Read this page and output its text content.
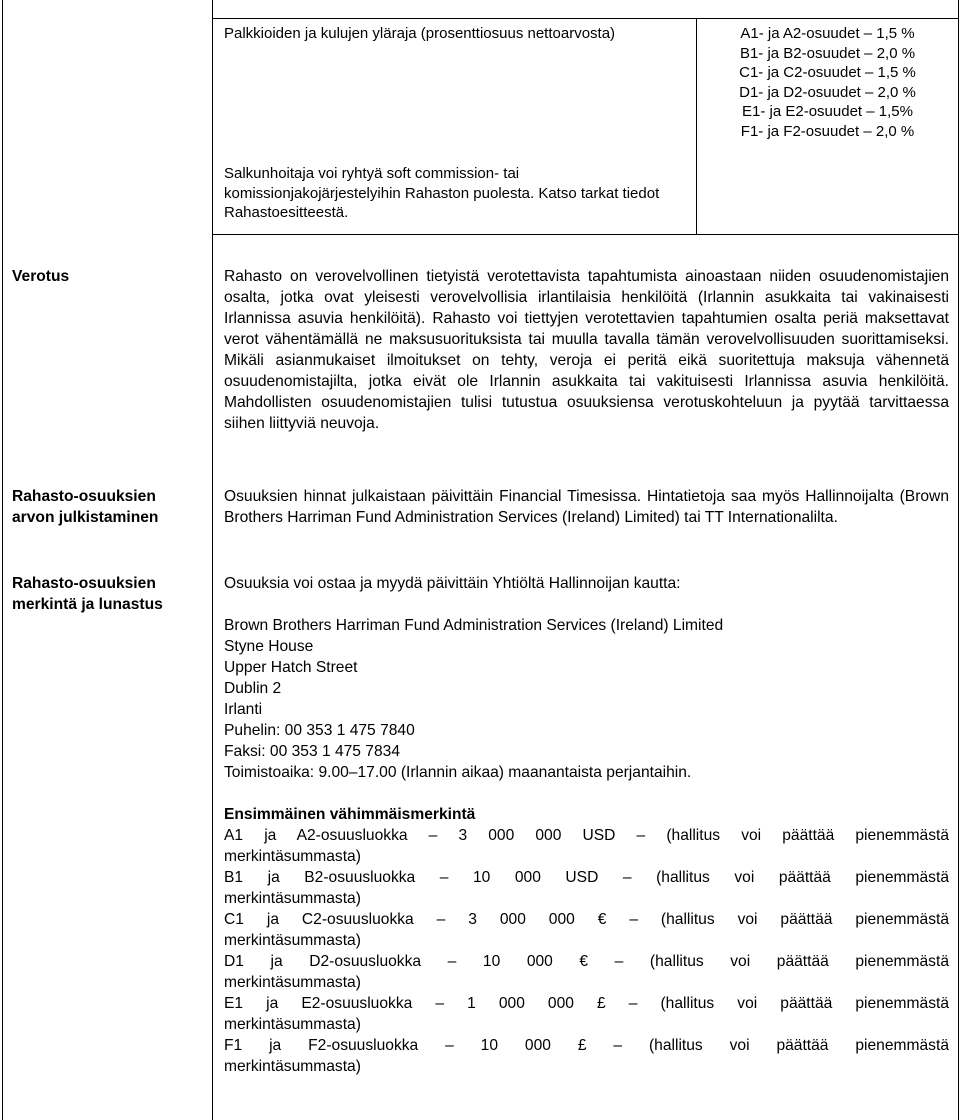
Palkkioiden ja kulujen yläraja (prosenttiosuus nettoarvosta)
Salkunhoitaja voi ryhtyä soft commission- tai komissionjakojärjestelyihin Rahaston puolesta. Katso tarkat tiedot Rahastoesitteestä.
A1- ja A2-osuudet – 1,5 %
B1- ja B2-osuudet – 2,0 %
C1- ja C2-osuudet – 1,5 %
D1- ja D2-osuudet – 2,0 %
E1- ja E2-osuudet – 1,5%
F1- ja F2-osuudet – 2,0 %
Verotus	Rahasto on verovelvollinen tietyistä verotettavista tapahtumista ainoastaan niiden osuudenomistajien osalta, jotka ovat yleisesti verovelvollisia irlantilaisia henkilöitä (Irlannin asukkaita tai vakinaisesti Irlannissa asuvia henkilöitä). Rahasto voi tiettyjen verotettavien tapahtumien osalta periä maksettavat verot vähentämällä ne maksusuorituksista tai muulla tavalla tämän verovelvollisuuden suorittamiseksi. Mikäli asianmukaiset ilmoitukset on tehty, veroja ei peritä eikä suoritettuja maksuja vähennetä osuudenomistajilta, jotka eivät ole Irlannin asukkaita tai vakituisesti Irlannissa asuvia henkilöitä. Mahdollisten osuudenomistajien tulisi tutustua osuuksiensa verotuskohteluun ja pyytää tarvittaessa siihen liittyviä neuvoja.
Rahasto-osuuksien
arvon julkistaminen
Osuuksien hinnat julkaistaan päivittäin Financial Timesissa. Hintatietoja saa myös Hallinnoijalta (Brown Brothers Harriman Fund Administration Services (Ireland) Limited) tai TT Internationalilta.
Rahasto-osuuksien
merkintä ja lunastus
Osuuksia voi ostaa ja myydä päivittäin Yhtiöltä Hallinnoijan kautta:
Brown Brothers Harriman Fund Administration Services (Ireland) Limited
Styne House
Upper Hatch Street
Dublin 2
Irlanti
Puhelin: 00 353 1 475 7840
Faksi: 00 353 1 475 7834
Toimistoaika: 9.00–17.00 (Irlannin aikaa) maanantaista perjantaihin.
Ensimmäinen vähimmäismerkintä
A1 ja A2-osuusluokka – 3 000 000 USD – (hallitus voi päättää pienemmästä
merkintäsummasta)
B1 ja B2-osuusluokka – 10 000 USD – (hallitus voi päättää pienemmästä
merkintäsummasta)
C1 ja C2-osuusluokka – 3 000 000 € – (hallitus voi päättää pienemmästä
merkintäsummasta)
D1 ja D2-osuusluokka – 10 000 € – (hallitus voi päättää pienemmästä
merkintäsummasta)
E1 ja E2-osuusluokka – 1 000 000 £ – (hallitus voi päättää pienemmästä
merkintäsummasta)
F1 ja F2-osuusluokka – 10 000 £ – (hallitus voi päättää pienemmästä
merkintäsummasta)
